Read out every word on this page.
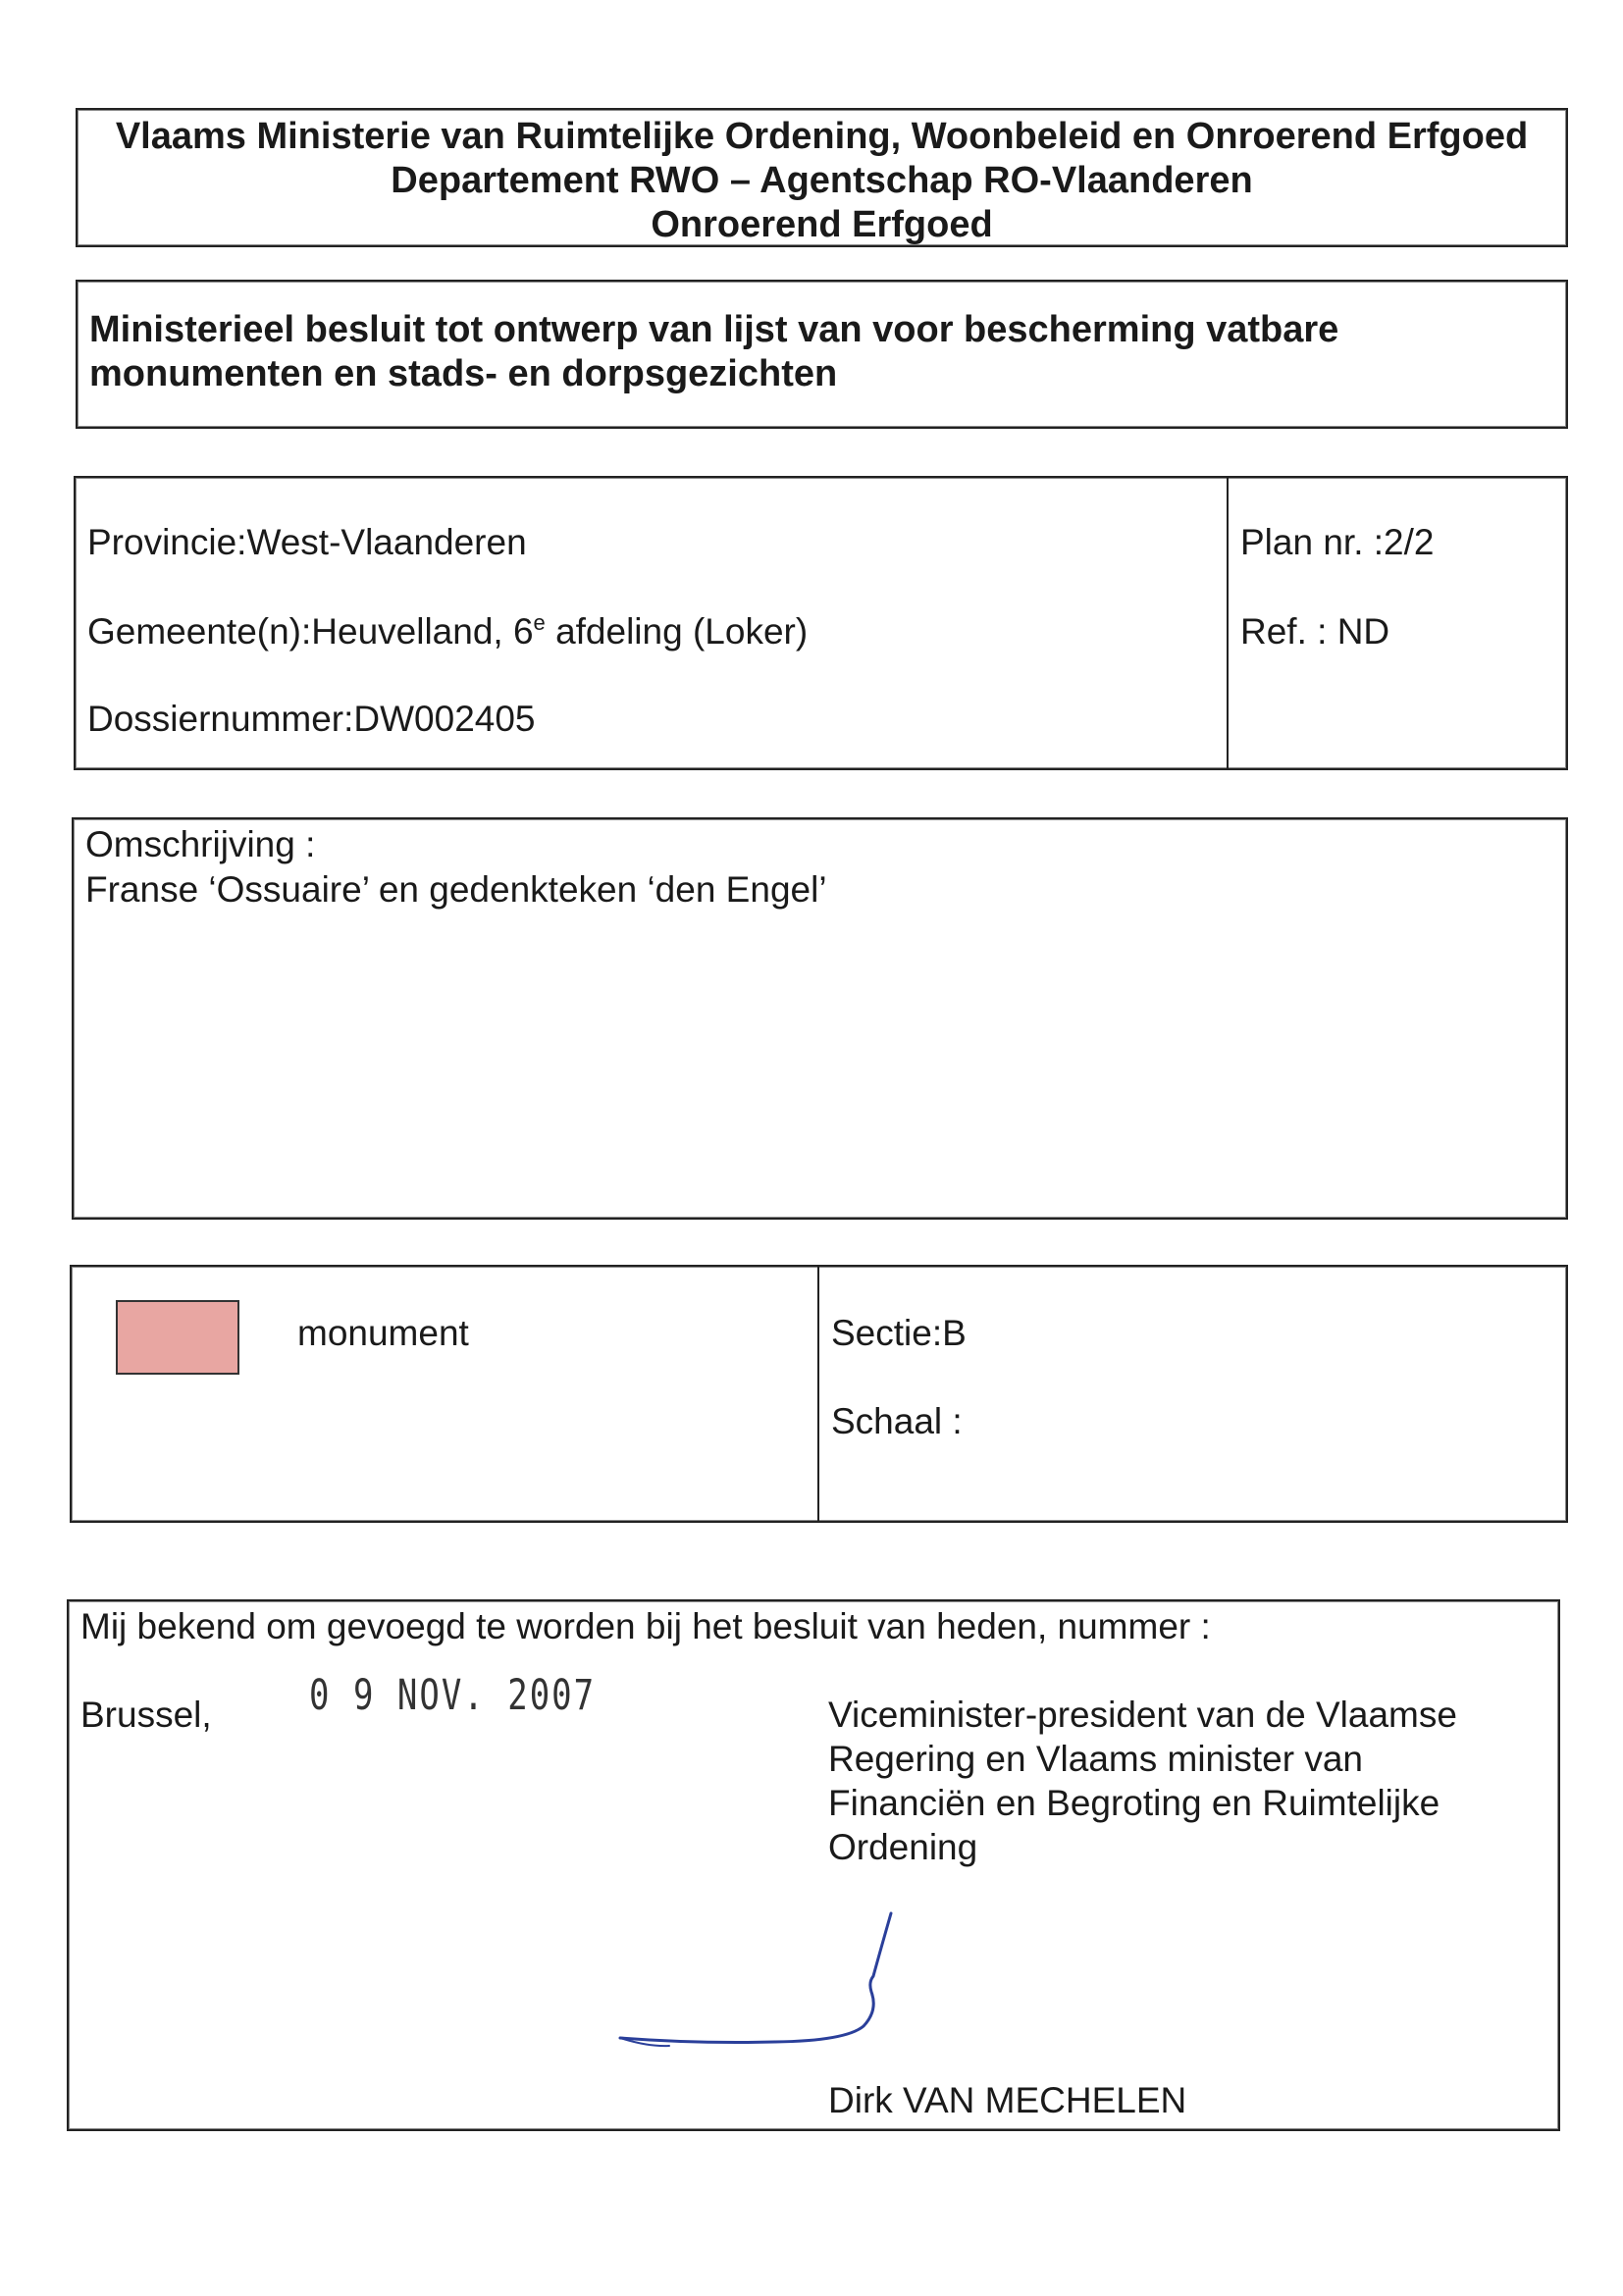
Vlaams Ministerie van Ruimtelijke Ordening, Woonbeleid en Onroerend Erfgoed
Departement RWO – Agentschap RO-Vlaanderen
Onroerend Erfgoed
Ministerieel besluit tot ontwerp van lijst van voor bescherming vatbare
monumenten en stads- en dorpsgezichten
Provincie:West-Vlaanderen
Gemeente(n):Heuvelland, 6e afdeling (Loker)
Dossiernummer:DW002405
Plan nr. :2/2
Ref. : ND
Omschrijving :
Franse ‘Ossuaire’ en gedenkteken ‘den Engel’
monument	Sectie:B
Schaal :
Mij bekend om gevoegd te worden bij het besluit van heden, nummer :
Brussel,	0 9 NOV. 2007	Viceminister-president van de Vlaamse
Regering en Vlaams minister van
Financiën en Begroting en Ruimtelijke
Ordening
Dirk VAN MECHELEN
